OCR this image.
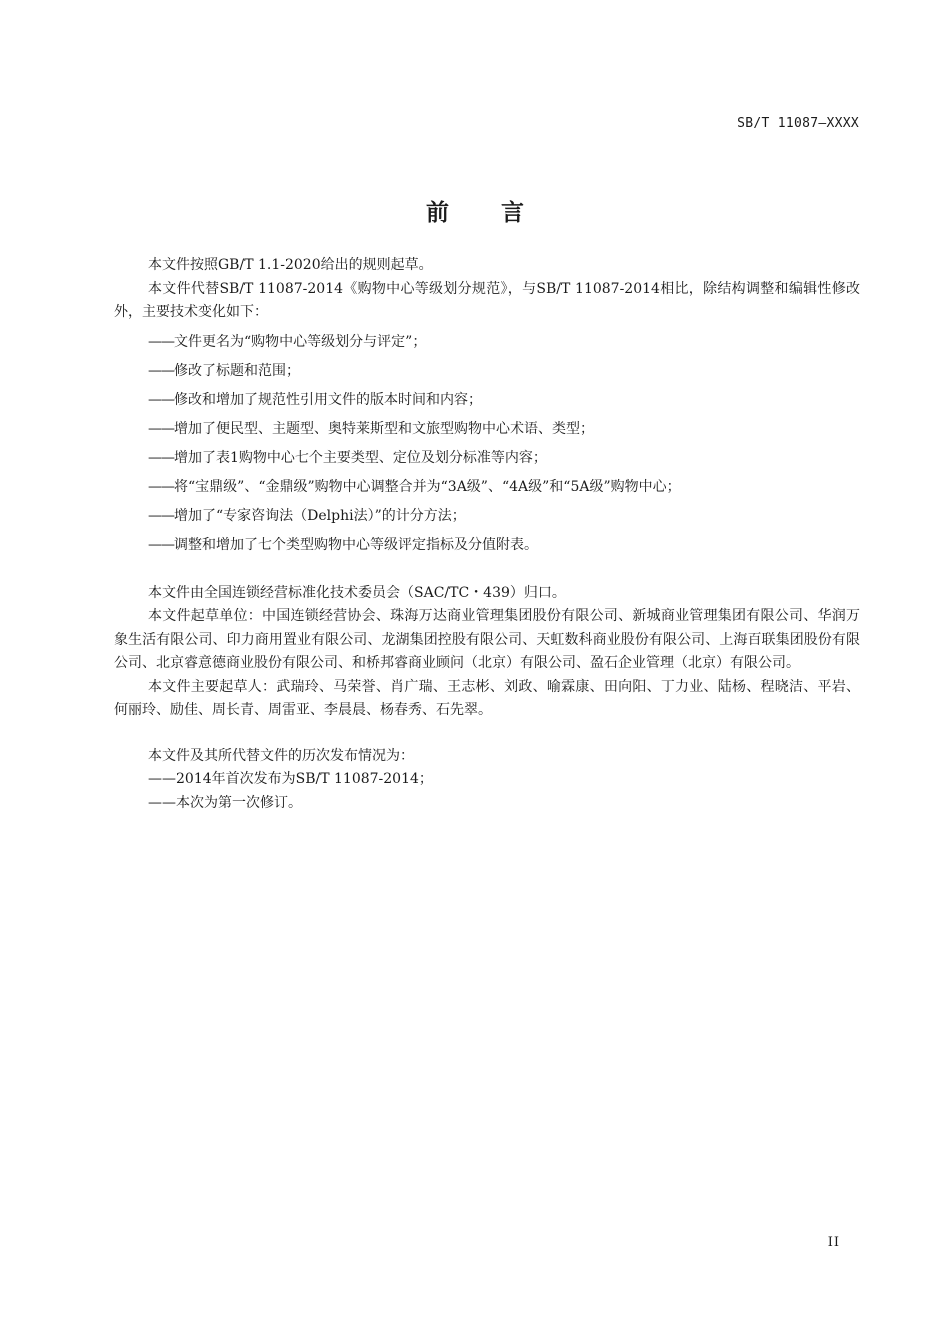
SB/T 11087—XXXX
前言

本文件按照GB/T 1.1-2020给出的规则起草。

本文件代替SB/T 11087-2014《购物中心等级划分规范》，与SB/T 11087-2014相比，除结构调整和编辑性修改外，主要技术变化如下：

——文件更名为“购物中心等级划分与评定”；
——修改了标题和范围；
——修改和增加了规范性引用文件的版本时间和内容；
——增加了便民型、主题型、奥特莱斯型和文旅型购物中心术语、类型；
——增加了表1购物中心七个主要类型、定位及划分标准等内容；
——将“宝鼎级”、“金鼎级”购物中心调整合并为“3A级”、“4A级”和“5A级”购物中心；
——增加了“专家咨询法（Delphi法）”的计分方法；
——调整和增加了七个类型购物中心等级评定指标及分值附表。

本文件由全国连锁经营标准化技术委员会（SAC/TC・439）归口。

本文件起草单位：中国连锁经营协会、珠海万达商业管理集团股份有限公司、新城商业管理集团有限公司、华润万象生活有限公司、印力商用置业有限公司、龙湖集团控股有限公司、天虹数科商业股份有限公司、上海百联集团股份有限公司、北京睿意德商业股份有限公司、和桥邦睿商业顾问（北京）有限公司、盈石企业管理（北京）有限公司。

本文件主要起草人：武瑞玲、马荣誉、肖广瑞、王志彬、刘政、喻霖康、田向阳、丁力业、陆杨、程晓洁、平岩、何丽玲、励佳、周长青、周雷亚、李晨晨、杨春秀、石先翠。

本文件及其所代替文件的历次发布情况为：

——2014年首次发布为SB/T 11087-2014；
——本次为第一次修订。
II
